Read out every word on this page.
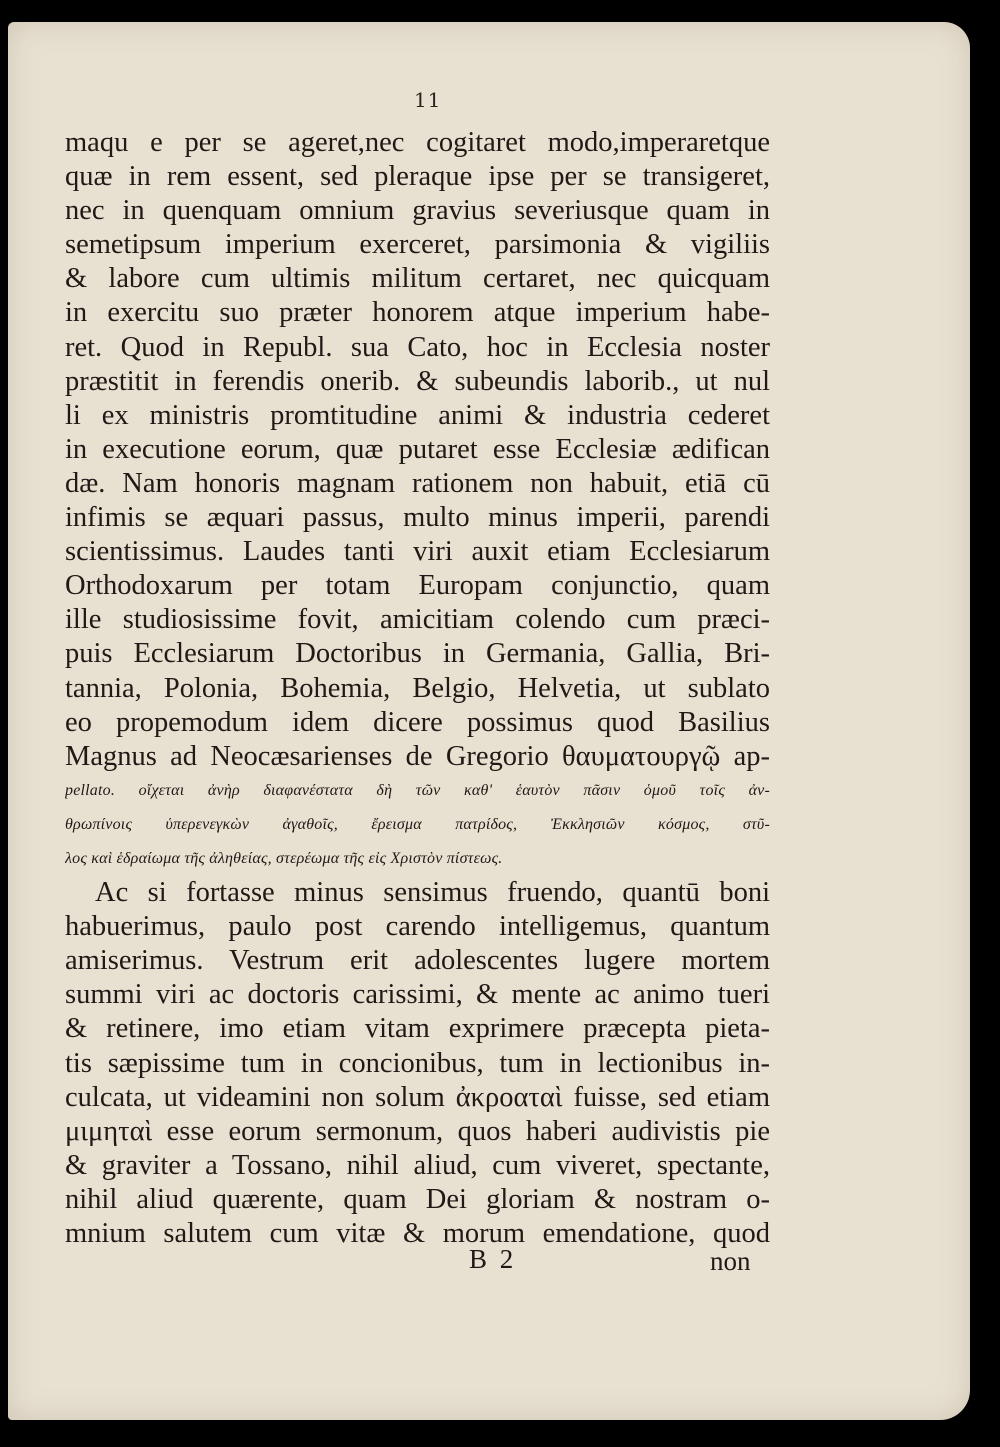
11
maqu e per se ageret,nec cogitaret modo,imperaretque
quæ in rem essent, sed pleraque ipse per se transigeret,
nec in quenquam omnium gravius severiusque quam in
semetipsum imperium exerceret, parsimonia & vigiliis
& labore cum ultimis militum certaret, nec quicquam
in exercitu suo præter honorem atque imperium habe-
ret. Quod in Republ. sua Cato, hoc in Ecclesia noster
præstitit in ferendis onerib. & subeundis laborib., ut nul
li ex ministris promtitudine animi & industria cederet
in executione eorum, quæ putaret esse Ecclesiæ ædifican
dæ. Nam honoris magnam rationem non habuit, etiā cū
infimis se æquari passus, multo minus imperii, parendi
scientissimus. Laudes tanti viri auxit etiam Ecclesiarum
Orthodoxarum per totam Europam conjunctio, quam
ille studiosissime fovit, amicitiam colendo cum præci-
puis Ecclesiarum Doctoribus in Germania, Gallia, Bri-
tannia, Polonia, Bohemia, Belgio, Helvetia, ut sublato
eo propemodum idem dicere possimus quod Basilius
Magnus ad Neocæsarienses de Gregorio θαυματουργῷ ap-
pellato. οἴχεται ἀνὴρ διαφανέστατα δὴ τῶν καθ' ἑαυτὸν πᾶσιν ὁμοῦ τοῖς ἀν-
θρωπίνοις ὑπερενεγκὼν ἀγαθοῖς, ἔρεισμα πατρίδος, Ἐκκλησιῶν κόσμος, στῦ-
λος καὶ ἑδραίωμα τῆς ἀληθείας, στερέωμα τῆς εἰς Χριστὸν πίστεως.
Ac si fortasse minus sensimus fruendo, quantū boni
habuerimus, paulo post carendo intelligemus, quantum
amiserimus. Vestrum erit adolescentes lugere mortem
summi viri ac doctoris carissimi, & mente ac animo tueri
& retinere, imo etiam vitam exprimere præcepta pieta-
tis sæpissime tum in concionibus, tum in lectionibus in-
culcata, ut videamini non solum ἀκροαταὶ fuisse, sed etiam
μιμηταὶ esse eorum sermonum, quos haberi audivistis pie
& graviter a Tossano, nihil aliud, cum viveret, spectante,
nihil aliud quærente, quam Dei gloriam & nostram o-
mnium salutem cum vitæ & morum emendatione, quod
B 2	non
